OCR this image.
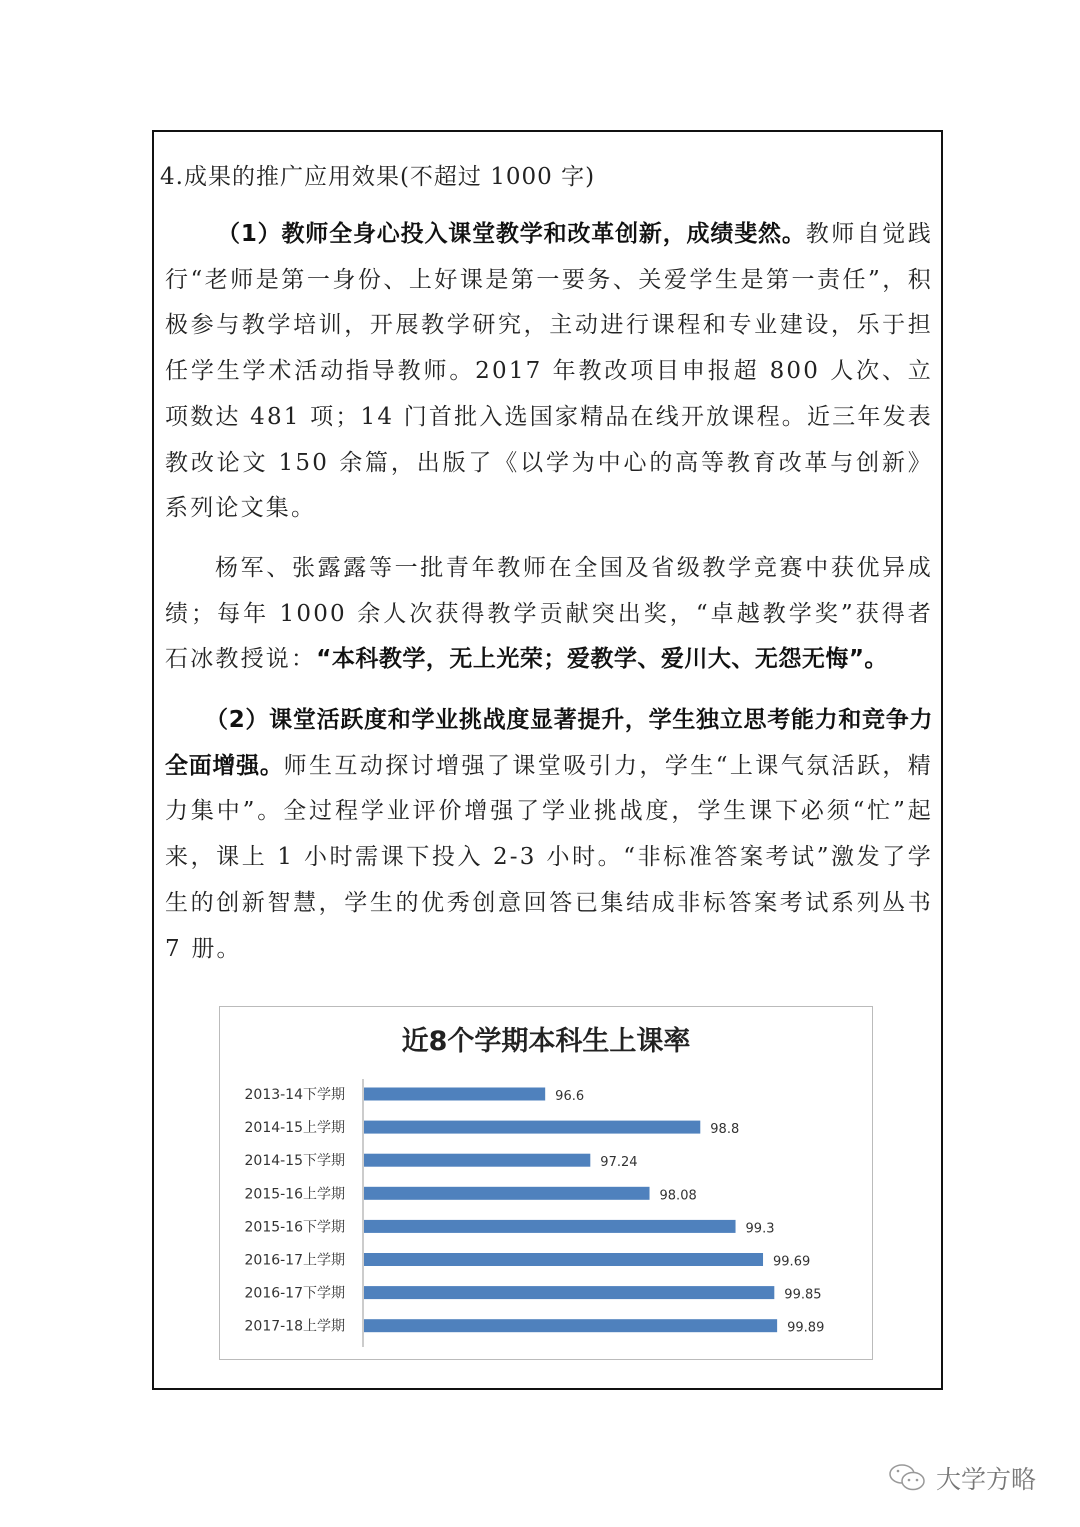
4.成果的推广应用效果(不超过 1000 字)
（1）教师全身心投入课堂教学和改革创新，成绩斐然。教师自觉践行“老师是第一身份、上好课是第一要务、关爱学生是第一责任”，积极参与教学培训，开展教学研究，主动进行课程和专业建设，乐于担任学生学术活动指导教师。2017 年教改项目申报超 800 人次、立项数达 481 项；14 门首批入选国家精品在线开放课程。近三年发表教改论文 150 余篇，出版了《以学为中心的高等教育改革与创新》系列论文集。
杨军、张露露等一批青年教师在全国及省级教学竞赛中获优异成绩；每年 1000 余人次获得教学贡献突出奖，“卓越教学奖”获得者石冰教授说：“本科教学，无上光荣；爱教学、爱川大、无怨无悔”。
（2）课堂活跃度和学业挑战度显著提升，学生独立思考能力和竞争力全面增强。师生互动探讨增强了课堂吸引力，学生“上课气氛活跃，精力集中”。全过程学业评价增强了学业挑战度，学生课下必须“忙”起来，课上 1 小时需课下投入 2-3 小时。“非标准答案考试”激发了学生的创新智慧，学生的优秀创意回答已集结成非标答案考试系列丛书 7 册。
近8个学期本科生上课率
2013-14下学期	96.6
2014-15上学期	98.8
2014-15下学期	97.24
2015-16上学期	98.08
2015-16下学期	99.3
2016-17上学期	99.69
2016-17下学期	99.85
2017-18上学期	99.89
大学方略
